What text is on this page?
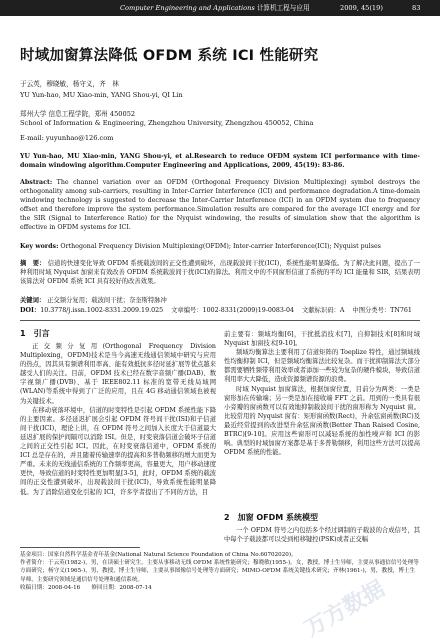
Computer Engineering and Applications 计算机工程与应用	2009, 45(19)	83
时域加窗算法降低 OFDM 系统 ICI 性能研究
于云英，穆晓敏，杨守义，齐　林
YU Yun-hao, MU Xiao-min, YANG Shou-yi, QI Lin
郑州大学 信息工程学院，郑州 450052
School of Information & Engineering, Zhengzhou University, Zhengzhou 450052, China
E-mail: yuyunhao@126.com
YU Yun-hao, MU Xiao-min, YANG Shou-yi, et al.Research to reduce OFDM system ICI performance with time-domain windowing algorithm.Computer Engineering and Applications, 2009, 45(19): 83-86.
Abstract: The channel variation over an OFDM (Orthogonal Frequency Division Multiplexing) symbol destroys the orthogonality among sub-carriers, resulting in Inter-Carrier Interference (ICI) and performance degradation.A time-domain windowing technology is suggested to decrease the Inter-Carrier Interference (ICI) in an OFDM system due to frequency offset and therefore improve the system performance.Simulation results are compared for the average ICI energy and for the SIR (Signal to Interference Ratio) for the Nyquist windowing, the results of simulation show that the algorithm is effective in OFDM systems for ICI.
Key words: Orthogonal Frequency Division Multiplexing(OFDM); Inter-carrier Interference(ICI); Nyquist pulses
摘　要： 信道的快速变化导致 OFDM 系统载波间的正交性遭到破坏，出现载波间干扰(ICI)，系统性能明显降低。为了解决此问题，提出了一种利用时域 Nyquist 加窗来有效改善 OFDM 系统载波间干扰(ICI)的算法。利用文中的不同窗形信道了系统的平均 ICI 能量和 SIR，结果表明该算法对 OFDM 系统 ICI 具有较好的改善效果。
关键词： 正交频分复用；载波间干扰；奈奎斯特脉冲
DOI：10.3778/j.issn.1002-8331.2009.19.025 文章编号：1002-8331(2009)19-0083-04 文献标识码：A 中图分类号：TN761
1　引言

正交频分复用(Orthogonal Frequency Division Multiplexing，OFDM)技术是当今高速无线通信领域中研究与应用的热点，因其具有频谱利用率高、能有效抵抗多径时延扩展等优点越来越受人们的关注。目前，OFDM 技术已经在数字音频广播(DAB)、数字视频广播(DVB)、基于 IEEE802.11 标准的宽带无线局域网(WLAN)等系统中得到了广泛的应用，且在 4G 移动通信领域也被视为关键技术。

在移动衰落环境中，信道的时变特性是引起 OFDM 系统性能下降的主要因素。多径延迟扩展会引起 OFDM 符号间干扰(ISI)和子信道间干扰(ICI)，理论上讲，在 OFDM 符号之间加入长度大于信道最大延迟扩展的保护间隔可以消除 ISI。但是，时变衰落信道会破坏子信道之间的正交性引起 ICI。因此，在时变衰落信道中，OFDM 系统的 ICI 总是存在的，并且随着传输速率的提高和多普勒频移的增大而更为严重。未来的无线通信系统的工作频率更高，容量更大，用户移动速度更快，导致信道的时变特性更加明显[3-5]，此时，OFDM 系统的载波间的正交性遭到破坏，出现载波间干扰(ICI)，导致系统性能明显降低。为了消除信道变化引起的 ICI，许多学者提出了不同的方法，目

前主要有：频域均衡[6]，干扰抵消技术[7]，自抑制技术[8]和时域 Nyquist 加窗技术[9-10]。

频域均衡算法主要利用了信道矩阵的 Toeplize 特性，通过频域线性均衡抑制 ICI，但是频域均衡算法比较复杂。而干扰抑制算法大部分都需要牺牲频带利用效率或者添加一些较为复杂的硬件模块，导致信道利用率大大降低，造成资源频谱资源的浪费。

时域 Nyquist 加窗算法，根据加窗位置，目前分为两类：一类是窗形加在传输端；另一类是加在接收端 FFT 之前。用到的一类具有很小旁瓣的窗函数可以有效地抑制载波间干扰的窗形称为 Nyquist 窗。比较常用的 Nyquist 窗有：矩形窗函数(Rect)，升余弦窗函数(RC)及最近经常提到的改进型升余弦窗函数(Better Than Raised Cosine, BTRC)[9-10]。应用这些窗形可以减轻系统的加性噪声和 ICI 的影响。典型的时域加窗方案都是基于多普勒频移，利用这些方法可以提高 OFDM 系统的性能。

2　加窗 OFDM 系统模型

一个 OFDM 符号之内包括多个经过调制的子载波的合成信号，其中每个子载波都可以受到相移键控(PSK)或者正交幅

基金项目：国家自然科学基金青年基金(National Natural Science Foundation of China No.60702020)。
作者简介：于云英(1982-)，男，在读硕士研究生，主要从事移动无线 OFDM 系统性能研究；穆晓敏(1955-)，女，教授，博士生导师，主要从事通信信号处理等方面研究；杨守义(1965-)，男，教授，博士生导师，主要从事图像信号处理等方面研究；MIMO-OFDM 系统关键技术研究；齐林(1961-)，男，教授，博士生导师，主要研究领域是通信信号处理和通信系统。
收稿日期：2008-04-16　　修回日期：2008-07-14	万方数据
